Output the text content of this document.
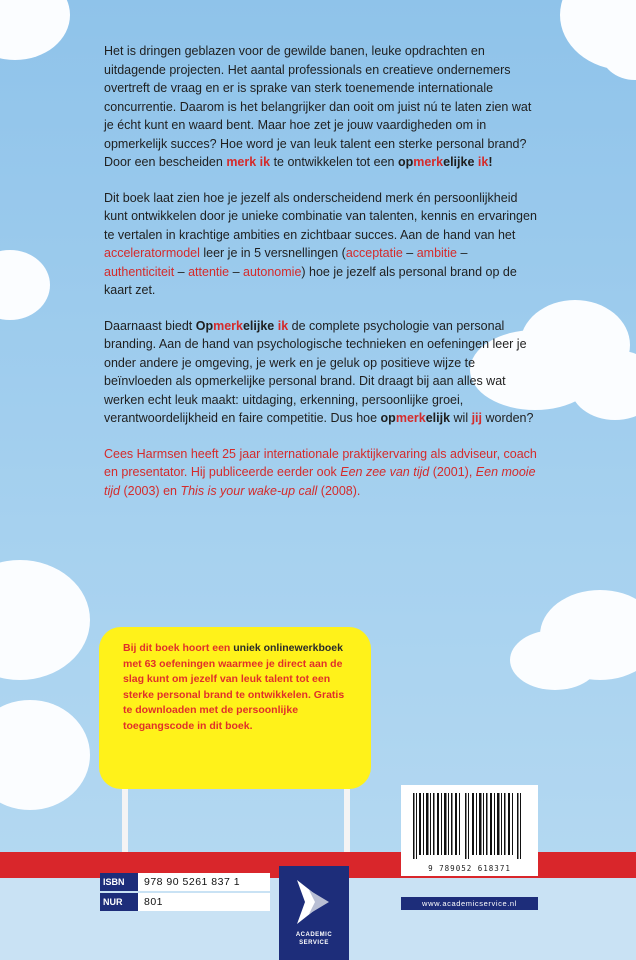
Het is dringen geblazen voor de gewilde banen, leuke opdrachten en uitdagende projecten. Het aantal professionals en creatieve ondernemers overtreft de vraag en er is sprake van sterk toenemende internationale concurrentie. Daarom is het belangrijker dan ooit om juist nú te laten zien wat je écht kunt en waard bent. Maar hoe zet je jouw vaardigheden om in opmerkelijk succes? Hoe word je van leuk talent een sterke personal brand? Door een bescheiden merk ik te ontwikkelen tot een opmerkelijke ik!

Dit boek laat zien hoe je jezelf als onderscheidend merk én persoonlijkheid kunt ontwikkelen door je unieke combinatie van talenten, kennis en ervaringen te vertalen in krachtige ambities en zichtbaar succes. Aan de hand van het acceleratormodel leer je in 5 versnellingen (acceptatie – ambitie – authenticiteit – attentie – autonomie) hoe je jezelf als personal brand op de kaart zet.

Daarnaast biedt Opmerkelijke ik de complete psychologie van personal branding. Aan de hand van psychologische technieken en oefeningen leer je onder andere je omgeving, je werk en je geluk op positieve wijze te beïnvloeden als opmerkelijke personal brand. Dit draagt bij aan alles wat werken echt leuk maakt: uitdaging, erkenning, persoonlijke groei, verantwoordelijkheid en faire competitie. Dus hoe opmerkelijk wil jij worden?

Cees Harmsen heeft 25 jaar internationale praktijkervaring als adviseur, coach en presentator. Hij publiceerde eerder ook Een zee van tijd (2001), Een mooie tijd (2003) en This is your wake-up call (2008).

Bij dit boek hoort een uniek onlinewerkboek met 63 oefeningen waarmee je direct aan de slag kunt om jezelf van leuk talent tot een sterke personal brand te ontwikkelen. Gratis te downloaden met de persoonlijke toegangscode in dit boek.
9 789052 618371
www.academicservice.nl
ISBN	978 90 5261 837 1
NUR	801
ACADEMIC
SERVICE
